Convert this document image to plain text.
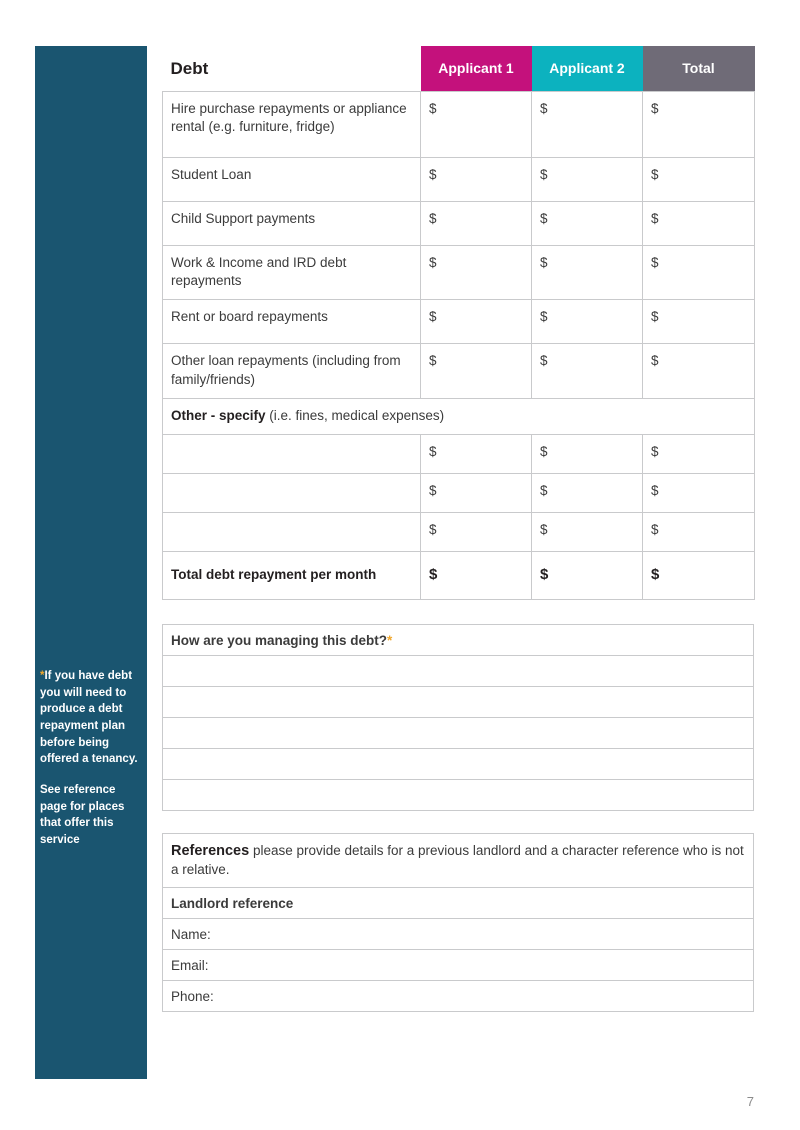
*If you have debt you will need to produce a debt repayment plan before being offered a tenancy.

See reference page for places that offer this service

Debt	Applicant 1	Applicant 2	Total
Hire purchase repayments or appliance rental (e.g. furniture, fridge)	$	$	$
Student Loan	$	$	$
Child Support payments	$	$	$
Work & Income and IRD debt repayments	$	$	$
Rent or board repayments	$	$	$
Other loan repayments (including from family/friends)	$	$	$
Other - specify (i.e. fines, medical expenses)			
	$	$	$
	$	$	$
	$	$	$
Total debt repayment per month	$	$	$
How are you managing this debt?*

References please provide details for a previous landlord and a character reference who is not a relative.
Landlord reference
Name:
Email:
Phone:
7
